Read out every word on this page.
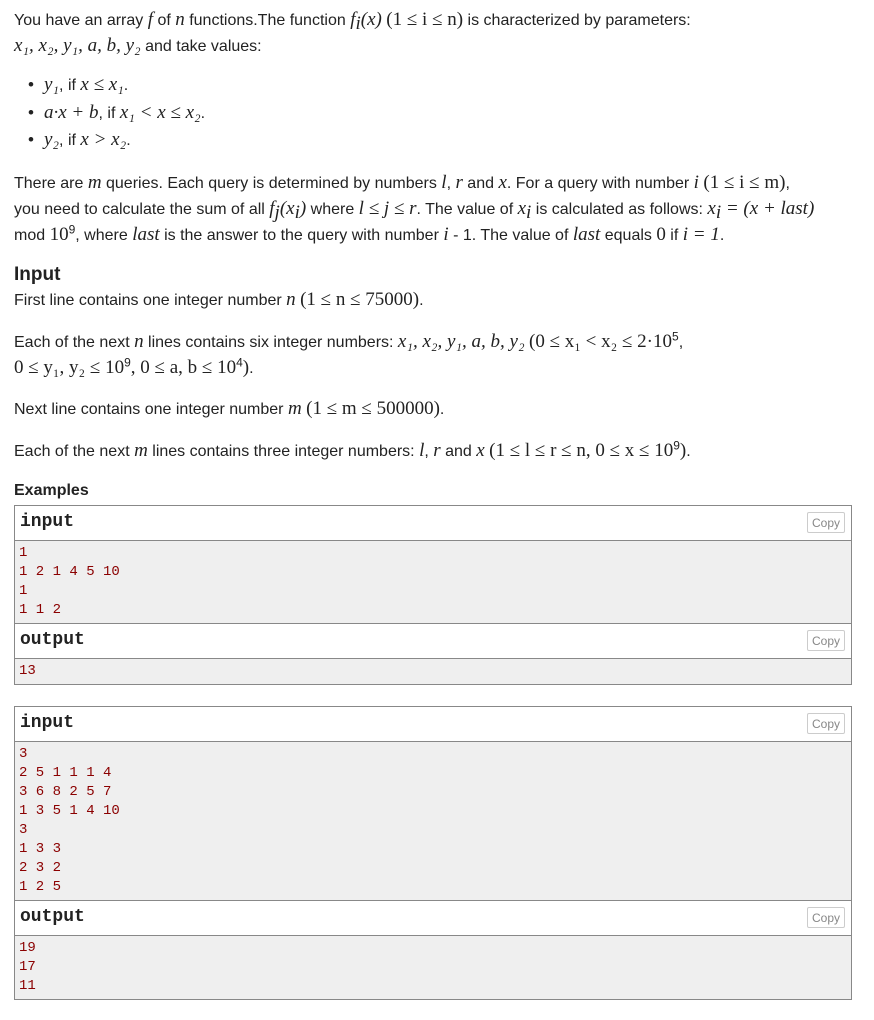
You have an array f of n functions.The function $f_i(x) (1 \le i \le n)$ is characterized by parameters:
x₁, x₂, y₁, a, b, y₂ and take values:

• y₁, if x ≤ x₁.
• a·x + b, if x₁ < x ≤ x₂.
• y₂, if x > x₂.

There are m queries. Each query is determined by numbers l, r and x. For a query with number i (1 ≤ i ≤ m),
you need to calculate the sum of all $f_j(x_i)$ where l ≤ j ≤ r. The value of $x_i$ is calculated as follows: $x_i = (x$ + last)
mod $10^9$, where last is the answer to the query with number i - 1. The value of last equals 0 if i = 1.

Input

First line contains one integer number n (1 ≤ n ≤ 75000).

Each of the next n lines contains six integer numbers: x₁, x₂, y₁, a, b, y₂ ($0 \le x_1 < x_2 \le 2\cdot 10^5$,
0 ≤ y₁, $y_2 \le 10^9$, 0 ≤ a, $b \le 10^4$).

Next line contains one integer number m (1 ≤ m ≤ 500000).

Each of the next m lines contains three integer numbers: l, r and x (1 ≤ l ≤ r ≤ n, $0 \le x \le 10^9$).

Examples
input	Copy
1
1 2 1 4 5 10
1
1 1 2
output	Copy
13
input	Copy
3
2 5 1 1 1 4
3 6 8 2 5 7
1 3 5 1 4 10
3
1 3 3
2 3 2
1 2 5
output	Copy
19
17
11
